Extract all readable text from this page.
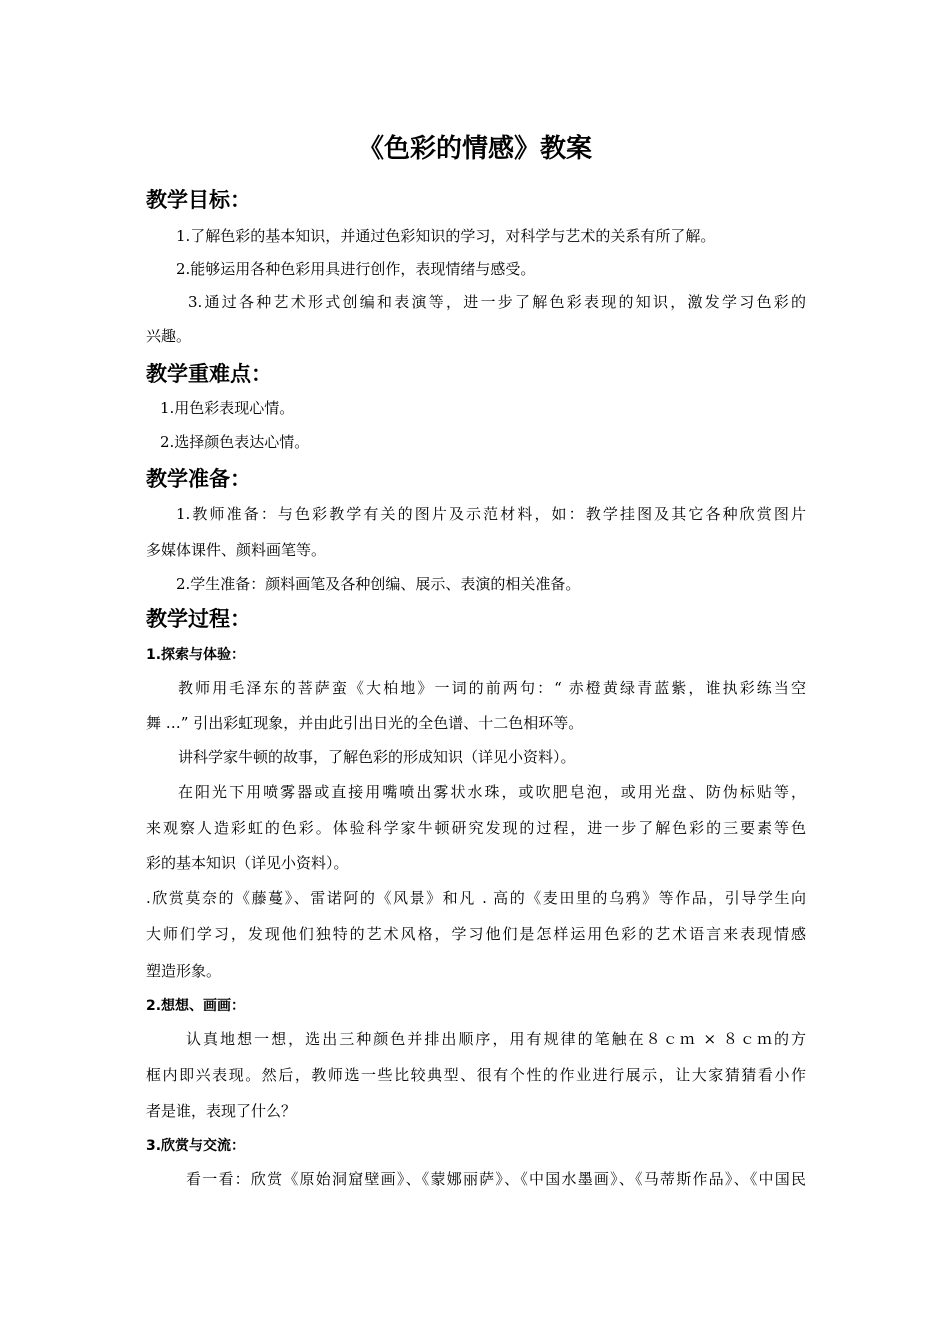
《色彩的情感》教案
教学目标：
1.了解色彩的基本知识，并通过色彩知识的学习，对科学与艺术的关系有所了解。
2.能够运用各种色彩用具进行创作，表现情绪与感受。
3.通过各种艺术形式创编和表演等，进一步了解色彩表现的知识，激发学习色彩的
兴趣。
教学重难点：
1.用色彩表现心情。
2.选择颜色表达心情。
教学准备：
1.教师准备：与色彩教学有关的图片及示范材料，如：教学挂图及其它各种欣赏图片
多媒体课件、颜料画笔等。
2.学生准备：颜料画笔及各种创编、展示、表演的相关准备。
教学过程：
1.探索与体验：
教师用毛泽东的菩萨蛮《大柏地》一词的前两句：“ 赤橙黄绿青蓝紫，谁执彩练当空
舞 …” 引出彩虹现象，并由此引出日光的全色谱、十二色相环等。
讲科学家牛顿的故事，了解色彩的形成知识（详见小资料）。
在阳光下用喷雾器或直接用嘴喷出雾状水珠，或吹肥皂泡，或用光盘、防伪标贴等，
来观察人造彩虹的色彩。体验科学家牛顿研究发现的过程，进一步了解色彩的三要素等色
彩的基本知识（详见小资料）。
.欣赏莫奈的《藤蔓》、雷诺阿的《风景》和凡 . 高的《麦田里的乌鸦》等作品，引导学生向
大师们学习，发现他们独特的艺术风格，学习他们是怎样运用色彩的艺术语言来表现情感
塑造形象。
2.想想、画画：
认真地想一想，选出三种颜色并排出顺序，用有规律的笔触在８ｃｍ × ８ｃｍ的方
框内即兴表现。然后，教师选一些比较典型、很有个性的作业进行展示，让大家猜猜看小作
者是谁，表现了什么？
3.欣赏与交流：
看一看：欣赏《原始洞窟壁画》、《蒙娜丽萨》、《中国水墨画》、《马蒂斯作品》、《中国民
